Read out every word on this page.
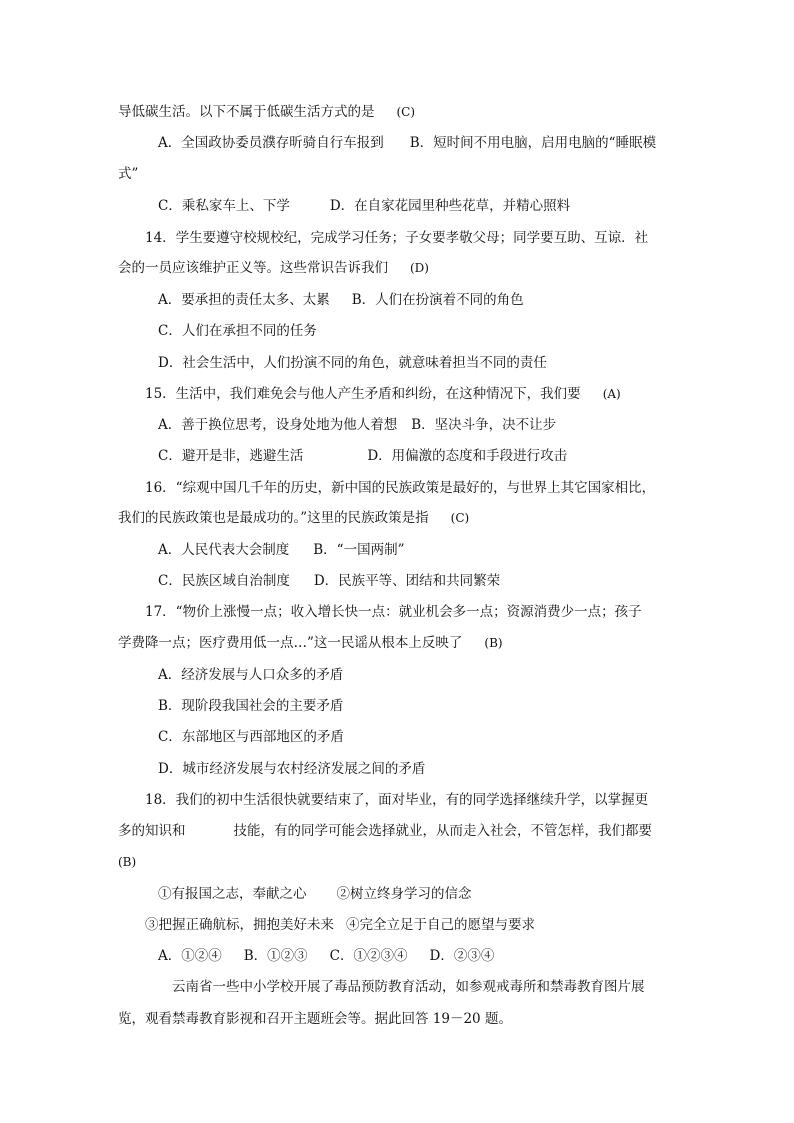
导低碳生活。以下不属于低碳生活方式的是 (C)
A．全国政协委员濮存昕骑自行车报到 B．短时间不用电脑，启用电脑的“睡眠模
式”
C．乘私家车上、下学	D．在自家花园里种些花草，并精心照料
14．学生要遵守校规校纪，完成学习任务；子女要孝敬父母；同学要互助、互谅．社
会的一员应该维护正义等。这些常识告诉我们 (D)
A．要承担的责任太多、太累 B．人们在扮演着不同的角色
C．人们在承担不同的任务
D．社会生活中，人们扮演不同的角色，就意味着担当不同的责任
15．生活中，我们难免会与他人产生矛盾和纠纷，在这种情况下，我们要 (A)
A．善于换位思考，设身处地为他人着想 B．坚决斗争，决不让步
C．避开是非，逃避生活	D．用偏激的态度和手段进行攻击
16．“综观中国几千年的历史，新中国的民族政策是最好的，与世界上其它国家相比，
我们的民族政策也是最成功的。”这里的民族政策是指 (C)
A．人民代表大会制度 B．“一国两制”
C．民族区域自治制度 D．民族平等、团结和共同繁荣
17．“物价上涨慢一点；收入增长快一点：就业机会多一点；资源消费少一点；孩子
学费降一点；医疗费用低一点…”这一民谣从根本上反映了 (B)
A．经济发展与人口众多的矛盾
B．现阶段我国社会的主要矛盾
C．东部地区与西部地区的矛盾
D．城市经济发展与农村经济发展之间的矛盾
18．我们的初中生活很快就要结束了，面对毕业，有的同学选择继续升学，以掌握更
多的知识和	技能，有的同学可能会选择就业，从而走入社会，不管怎样，我们都要
(B)
①有报国之志，奉献之心 ②树立终身学习的信念
③把握正确航标，拥抱美好未来 ④完全立足于自己的愿望与要求
A．①②④ B．①②③ C．①②③④ D．②③④
云南省一些中小学校开展了毒品预防教育活动，如参观戒毒所和禁毒教育图片展
览，观看禁毒教育影视和召开主题班会等。据此回答 19－20 题。
